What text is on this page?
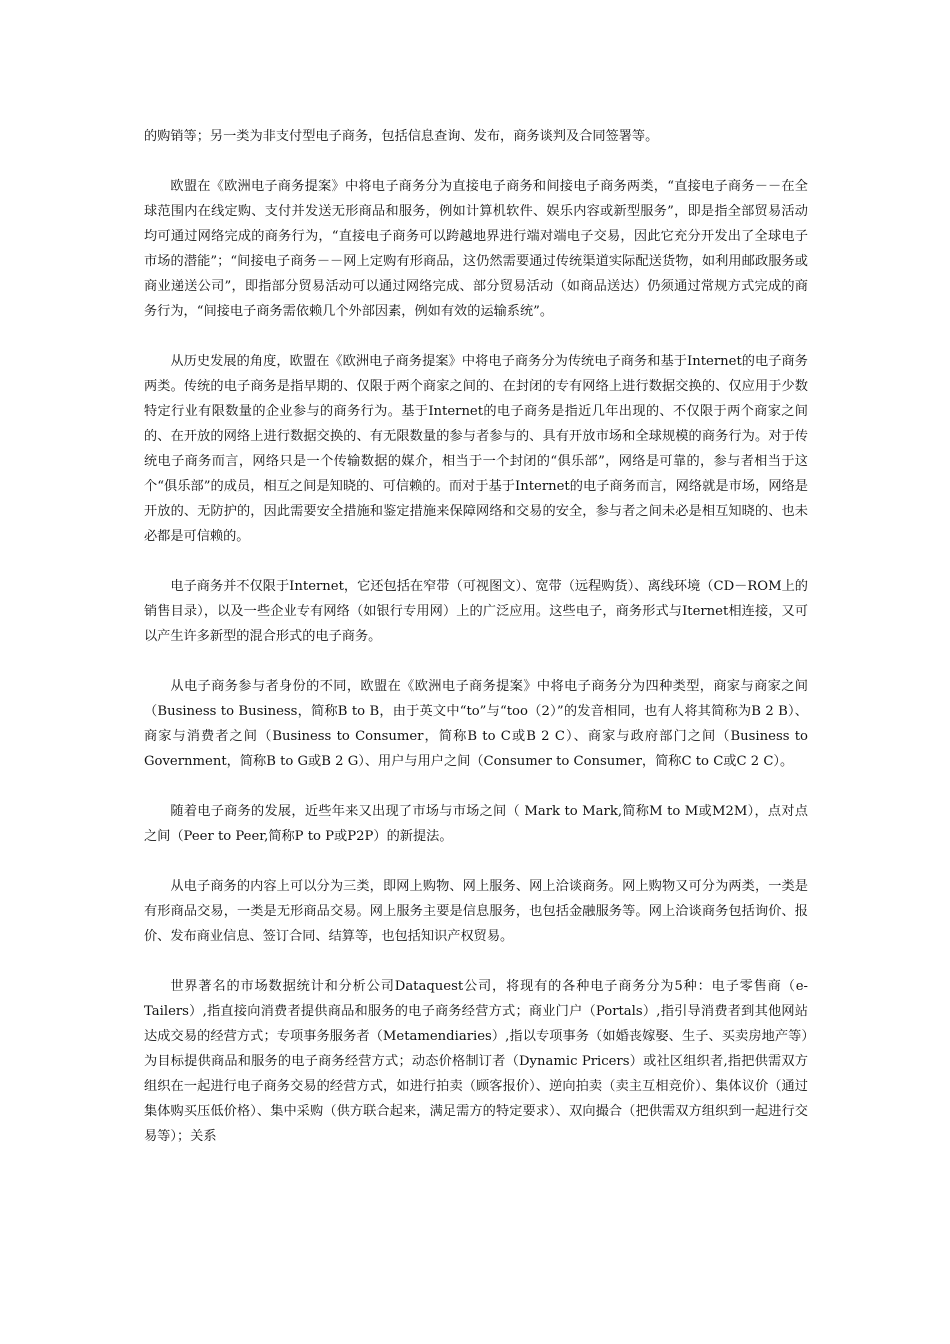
的购销等；另一类为非支付型电子商务，包括信息查询、发布，商务谈判及合同签署等。

欧盟在《欧洲电子商务提案》中将电子商务分为直接电子商务和间接电子商务两类，“直接电子商务－－在全球范围内在线定购、支付并发送无形商品和服务，例如计算机软件、娱乐内容或新型服务”，即是指全部贸易活动均可通过网络完成的商务行为，“直接电子商务可以跨越地界进行端对端电子交易，因此它充分开发出了全球电子市场的潜能”；“间接电子商务－－网上定购有形商品，这仍然需要通过传统渠道实际配送货物，如利用邮政服务或商业递送公司”，即指部分贸易活动可以通过网络完成、部分贸易活动（如商品送达）仍须通过常规方式完成的商务行为，“间接电子商务需依赖几个外部因素，例如有效的运输系统”。

从历史发展的角度，欧盟在《欧洲电子商务提案》中将电子商务分为传统电子商务和基于Internet的电子商务两类。传统的电子商务是指早期的、仅限于两个商家之间的、在封闭的专有网络上进行数据交换的、仅应用于少数特定行业有限数量的企业参与的商务行为。基于Internet的电子商务是指近几年出现的、不仅限于两个商家之间的、在开放的网络上进行数据交换的、有无限数量的参与者参与的、具有开放市场和全球规模的商务行为。对于传统电子商务而言，网络只是一个传输数据的媒介，相当于一个封闭的“俱乐部”，网络是可靠的，参与者相当于这个“俱乐部”的成员，相互之间是知晓的、可信赖的。而对于基于Internet的电子商务而言，网络就是市场，网络是开放的、无防护的，因此需要安全措施和鉴定措施来保障网络和交易的安全，参与者之间未必是相互知晓的、也未必都是可信赖的。

电子商务并不仅限于Internet，它还包括在窄带（可视图文）、宽带（远程购货）、离线环境（CD－ROM上的销售目录），以及一些企业专有网络（如银行专用网）上的广泛应用。这些电子，商务形式与Iternet相连接，又可以产生许多新型的混合形式的电子商务。

从电子商务参与者身份的不同，欧盟在《欧洲电子商务提案》中将电子商务分为四种类型，商家与商家之间（Business to Business，简称B to B，由于英文中“to”与“too（2）”的发音相同，也有人将其简称为B 2 B）、商家与消费者之间（Business to Consumer，简称B to C或B 2 C）、商家与政府部门之间（Business to Government，简称B to G或B 2 G）、用户与用户之间（Consumer to Consumer，简称C to C或C 2 C）。

随着电子商务的发展，近些年来又出现了市场与市场之间（ Mark to Mark,简称M to M或M2M），点对点之间（Peer to Peer,简称P to P或P2P）的新提法。

从电子商务的内容上可以分为三类，即网上购物、网上服务、网上洽谈商务。网上购物又可分为两类，一类是有形商品交易，一类是无形商品交易。网上服务主要是信息服务，也包括金融服务等。网上洽谈商务包括询价、报价、发布商业信息、签订合同、结算等，也包括知识产权贸易。

世界著名的市场数据统计和分析公司Dataquest公司，将现有的各种电子商务分为5种：电子零售商（e-Tailers）,指直接向消费者提供商品和服务的电子商务经营方式；商业门户（Portals）,指引导消费者到其他网站达成交易的经营方式；专项事务服务者（Metamendiaries）,指以专项事务（如婚丧嫁娶、生子、买卖房地产等）为目标提供商品和服务的电子商务经营方式；动态价格制订者（Dynamic Pricers）或社区组织者,指把供需双方组织在一起进行电子商务交易的经营方式，如进行拍卖（顾客报价）、逆向拍卖（卖主互相竞价）、集体议价（通过集体购买压低价格）、集中采购（供方联合起来，满足需方的特定要求）、双向撮合（把供需双方组织到一起进行交易等）；关系
